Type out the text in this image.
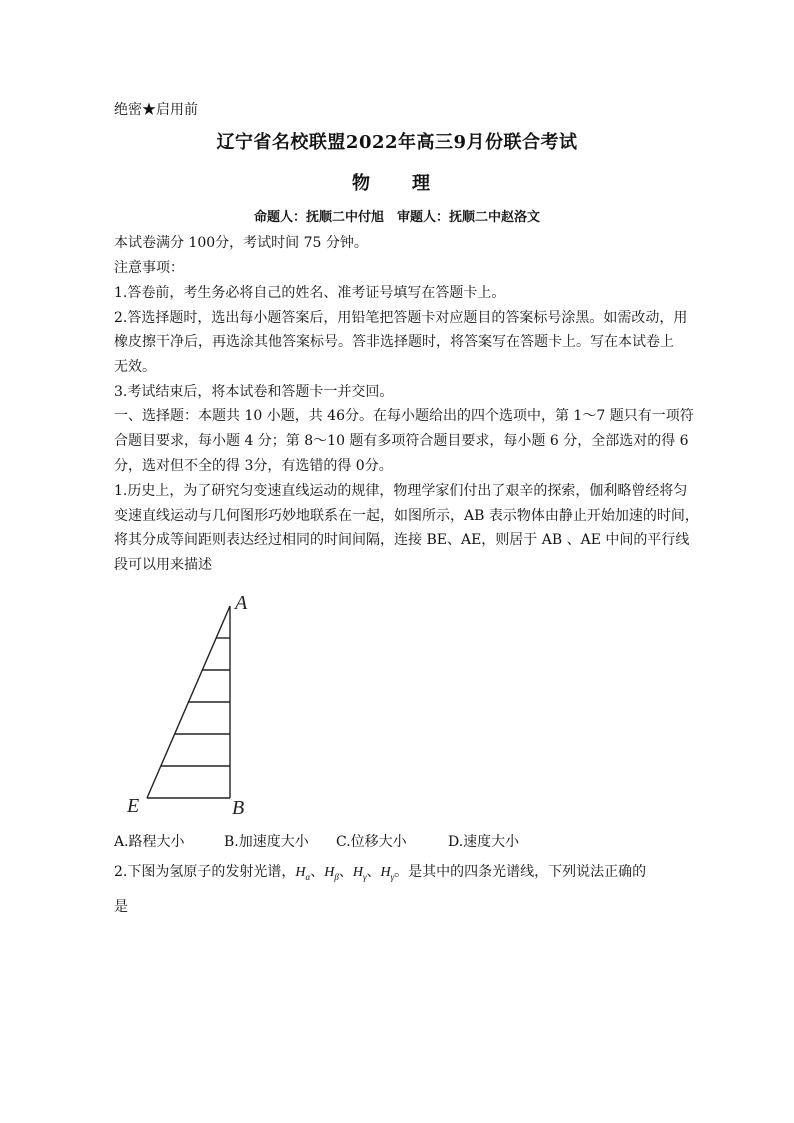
绝密★启用前
辽宁省名校联盟2022年高三9月份联合考试
物　理
命题人：抚顺二中付旭　审题人：抚顺二中赵洛文
本试卷满分 100分，考试时间 75 分钟。
注意事项：
1.答卷前，考生务必将自己的姓名、准考证号填写在答题卡上。
2.答选择题时，选出每小题答案后，用铅笔把答题卡对应题目的答案标号涂黑。如需改动，用
橡皮擦干净后，再选涂其他答案标号。答非选择题时，将答案写在答题卡上。写在本试卷上
无效。
3.考试结束后，将本试卷和答题卡一并交回。
一、选择题：本题共 10 小题，共 46分。在每小题给出的四个选项中，第 1～7 题只有一项符
合题目要求，每小题 4 分；第 8～10 题有多项符合题目要求，每小题 6 分，全部选对的得 6
分，选对但不全的得 3分，有选错的得 0分。
1.历史上，为了研究匀变速直线运动的规律，物理学家们付出了艰辛的探索，伽利略曾经将匀
变速直线运动与几何图形巧妙地联系在一起，如图所示，AB 表示物体由静止开始加速的时间，
将其分成等间距则表达经过相同的时间间隔，连接 BE、AE，则居于 AB 、AE 中间的平行线
段可以用来描述
A
B
E
A.路程大小	B.加速度大小 C.位移大小	D.速度大小
2.下图为氢原子的发射光谱，$H_\alpha$、$H_\beta$、$H_\gamma$、$H_\gamma$。是其中的四条光谱线，下列说法正确的
是
